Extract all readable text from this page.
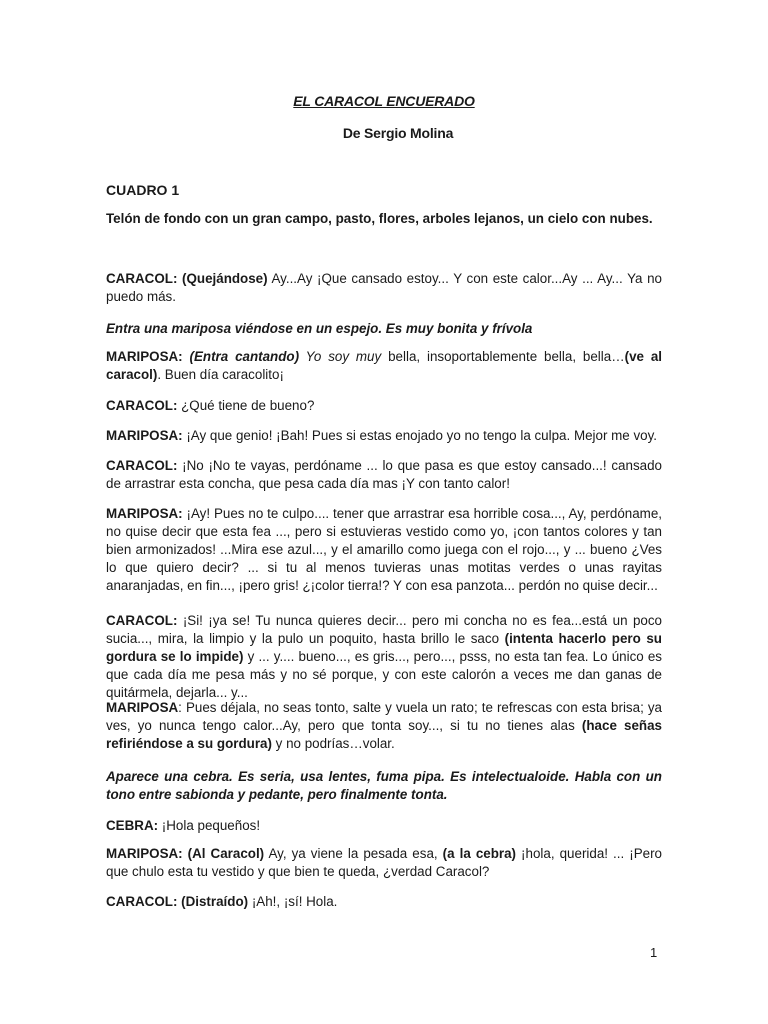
EL CARACOL ENCUERADO
De Sergio Molina
CUADRO 1
Telón de fondo con un gran campo, pasto, flores, arboles lejanos, un cielo con nubes.

CARACOL: (Quejándose) Ay...Ay ¡Que cansado estoy... Y con este calor...Ay ... Ay... Ya no puedo más.

Entra una mariposa viéndose en un espejo. Es muy bonita y frívola

MARIPOSA: (Entra cantando) Yo soy muy bella, insoportablemente bella, bella…(ve al caracol). Buen día caracolito¡

CARACOL: ¿Qué tiene de bueno?

MARIPOSA: ¡Ay que genio! ¡Bah! Pues si estas enojado yo no tengo la culpa. Mejor me voy.

CARACOL: ¡No ¡No te vayas, perdóname ... lo que pasa es que estoy cansado...! cansado de arrastrar esta concha, que pesa cada día mas ¡Y con tanto calor!

MARIPOSA: ¡Ay! Pues no te culpo.... tener que arrastrar esa horrible cosa..., Ay, perdóname, no quise decir que esta fea ..., pero si estuvieras vestido como yo, ¡con tantos colores y tan bien armonizados! ...Mira ese azul..., y el amarillo como juega con el rojo..., y ... bueno ¿Ves lo que quiero decir? ... si tu al menos tuvieras unas motitas verdes o unas rayitas anaranjadas, en fin..., ¡pero gris! ¿¡color tierra!? Y con esa panzota... perdón no quise decir...

CARACOL: ¡Si! ¡ya se! Tu nunca quieres decir... pero mi concha no es fea...está un poco sucia..., mira, la limpio y la pulo un poquito, hasta brillo le saco (intenta hacerlo pero su gordura se lo impide) y ... y.... bueno..., es gris..., pero..., psss, no esta tan fea. Lo único es que cada día me pesa más y no sé porque, y con este calorón a veces me dan ganas de quitármela, dejarla... y...

MARIPOSA: Pues déjala, no seas tonto, salte y vuela un rato; te refrescas con esta brisa; ya ves, yo nunca tengo calor...Ay, pero que tonta soy..., si tu no tienes alas (hace señas refiriéndose a su gordura) y no podrías…volar.

Aparece una cebra. Es seria, usa lentes, fuma pipa. Es intelectualoide. Habla con un tono entre sabionda y pedante, pero finalmente tonta.

CEBRA: ¡Hola pequeños!

MARIPOSA: (Al Caracol) Ay, ya viene la pesada esa, (a la cebra) ¡hola, querida! ... ¡Pero que chulo esta tu vestido y que bien te queda, ¿verdad Caracol?

CARACOL: (Distraído) ¡Ah!, ¡sí! Hola.

1
